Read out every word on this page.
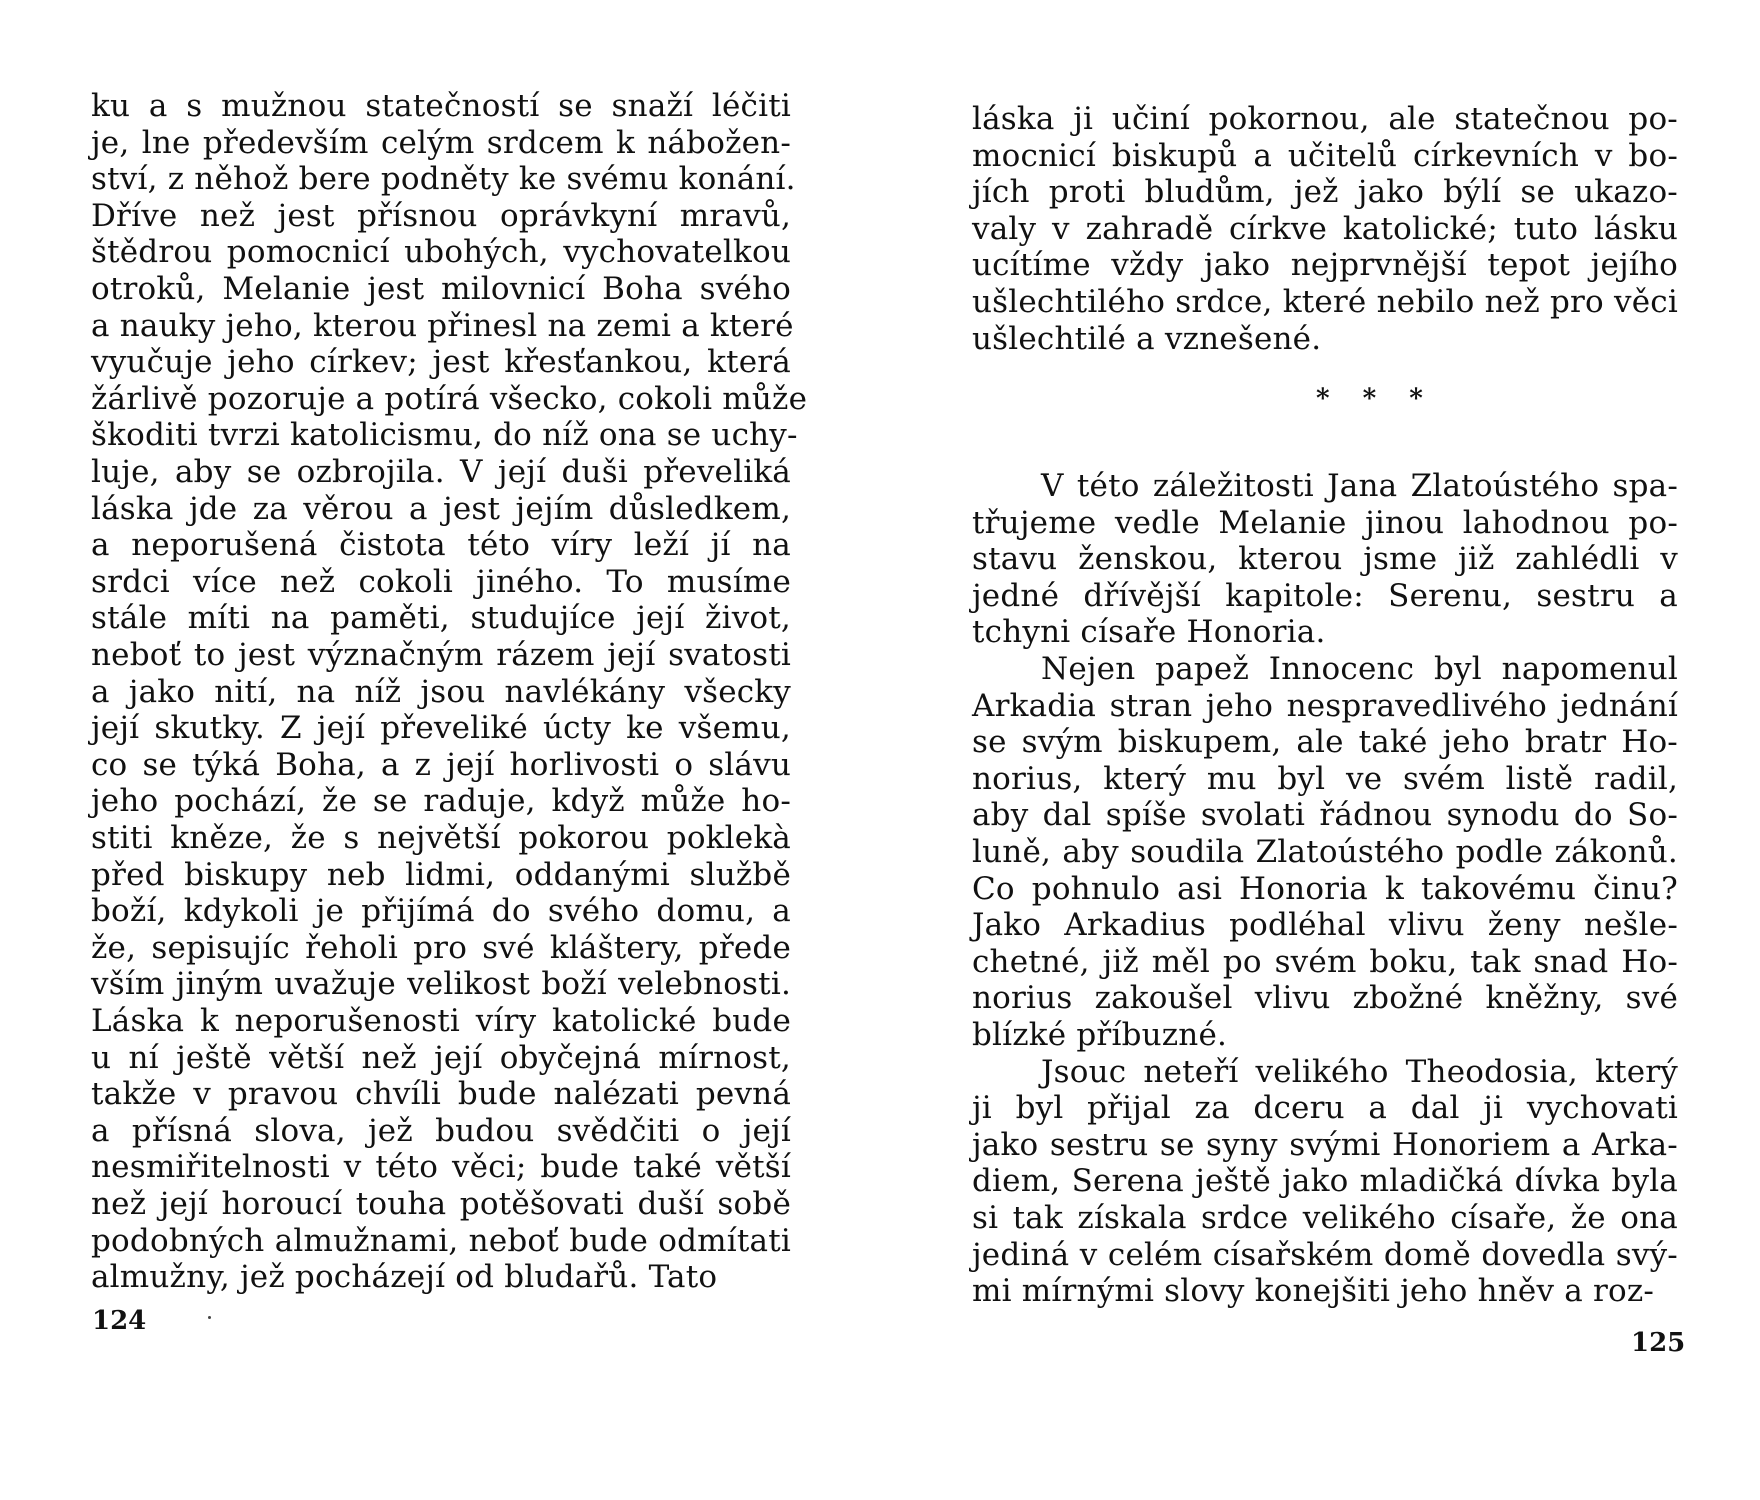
ku a s mužnou statečností se snaží léčiti
je, lne především celým srdcem k nábožen-
ství, z něhož bere podněty ke svému konání.
Dříve než jest přísnou oprávkyní mravů,
štědrou pomocnicí ubohých, vychovatelkou
otroků, Melanie jest milovnicí Boha svého
a nauky jeho, kterou přinesl na zemi a které
vyučuje jeho církev; jest křesťankou, která
žárlivě pozoruje a potírá všecko, cokoli může
škoditi tvrzi katolicismu, do níž ona se uchy-
luje, aby se ozbrojila. V její duši převeliká
láska jde za věrou a jest jejím důsledkem,
a neporušená čistota této víry leží jí na
srdci více než cokoli jiného. To musíme
stále míti na paměti, studujíce její život,
neboť to jest význačným rázem její svatosti
a jako nití, na níž jsou navlékány všecky
její skutky. Z její převeliké úcty ke všemu,
co se týká Boha, a z její horlivosti o slávu
jeho pochází, že se raduje, když může ho-
stiti kněze, že s největší pokorou poklekà
před biskupy neb lidmi, oddanými službě
boží, kdykoli je přijímá do svého domu, a
že, sepisujíc řeholi pro své kláštery, přede
vším jiným uvažuje velikost boží velebnosti.
Láska k neporušenosti víry katolické bude
u ní ještě větší než její obyčejná mírnost,
takže v pravou chvíli bude nalézati pevná
a přísná slova, jež budou svědčiti o její
nesmiřitelnosti v této věci; bude také větší
než její horoucí touha potěšovati duší sobě
podobných almužnami, neboť bude odmítati
almužny, jež pocházejí od bludařů. Tato
124
láska ji učiní pokornou, ale statečnou po-
mocnicí biskupů a učitelů církevních v bo-
jích proti bludům, jež jako býlí se ukazo-
valy v zahradě církve katolické; tuto lásku
ucítíme vždy jako nejprvnější tepot jejího
ušlechtilého srdce, které nebilo než pro věci
ušlechtilé a vznešené.
* * *
V této záležitosti Jana Zlatoústého spa-
třujeme vedle Melanie jinou lahodnou po-
stavu ženskou, kterou jsme již zahlédli v
jedné dřívější kapitole: Serenu, sestru a
tchyni císaře Honoria.
Nejen papež Innocenc byl napomenul
Arkadia stran jeho nespravedlivého jednání
se svým biskupem, ale také jeho bratr Ho-
norius, který mu byl ve svém listě radil,
aby dal spíše svolati řádnou synodu do So-
luně, aby soudila Zlatoústého podle zákonů.
Co pohnulo asi Honoria k takovému činu?
Jako Arkadius podléhal vlivu ženy nešle-
chetné, již měl po svém boku, tak snad Ho-
norius zakoušel vlivu zbožné kněžny, své
blízké příbuzné.
Jsouc neteří velikého Theodosia, který
ji byl přijal za dceru a dal ji vychovati
jako sestru se syny svými Honoriem a Arka-
diem, Serena ještě jako mladičká dívka byla
si tak získala srdce velikého císaře, že ona
jediná v celém císařském domě dovedla svý-
mi mírnými slovy konejšiti jeho hněv a roz-
125
